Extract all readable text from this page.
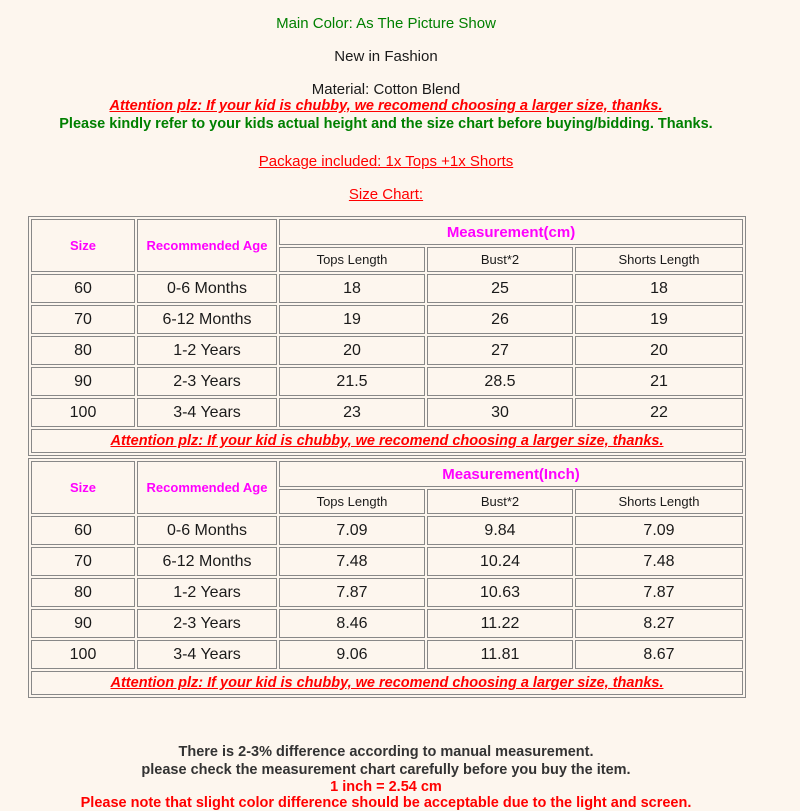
Main Color: As The Picture Show
New in Fashion
Material: Cotton Blend
Attention plz: If your kid is chubby, we recomend choosing a larger size, thanks.
Please kindly refer to your kids actual height and the size chart before buying/bidding. Thanks.
Package included: 1x Tops +1x Shorts
Size Chart:
Size	Recommended Age	Measurement(cm)		
		Tops Length	Bust*2	Shorts Length
60	0-6 Months	18	25	18
70	6-12 Months	19	26	19
80	1-2 Years	20	27	20
90	2-3 Years	21.5	28.5	21
100	3-4 Years	23	30	22
Attention plz: If your kid is chubby, we recomend choosing a larger size, thanks.				
Size	Recommended Age	Measurement(Inch)		
		Tops Length	Bust*2	Shorts Length
60	0-6 Months	7.09	9.84	7.09
70	6-12 Months	7.48	10.24	7.48
80	1-2 Years	7.87	10.63	7.87
90	2-3 Years	8.46	11.22	8.27
100	3-4 Years	9.06	11.81	8.67
Attention plz: If your kid is chubby, we recomend choosing a larger size, thanks.				
There is 2-3% difference according to manual measurement.
please check the measurement chart carefully before you buy the item.
1 inch = 2.54 cm
Please note that slight color difference should be acceptable due to the light and screen.
